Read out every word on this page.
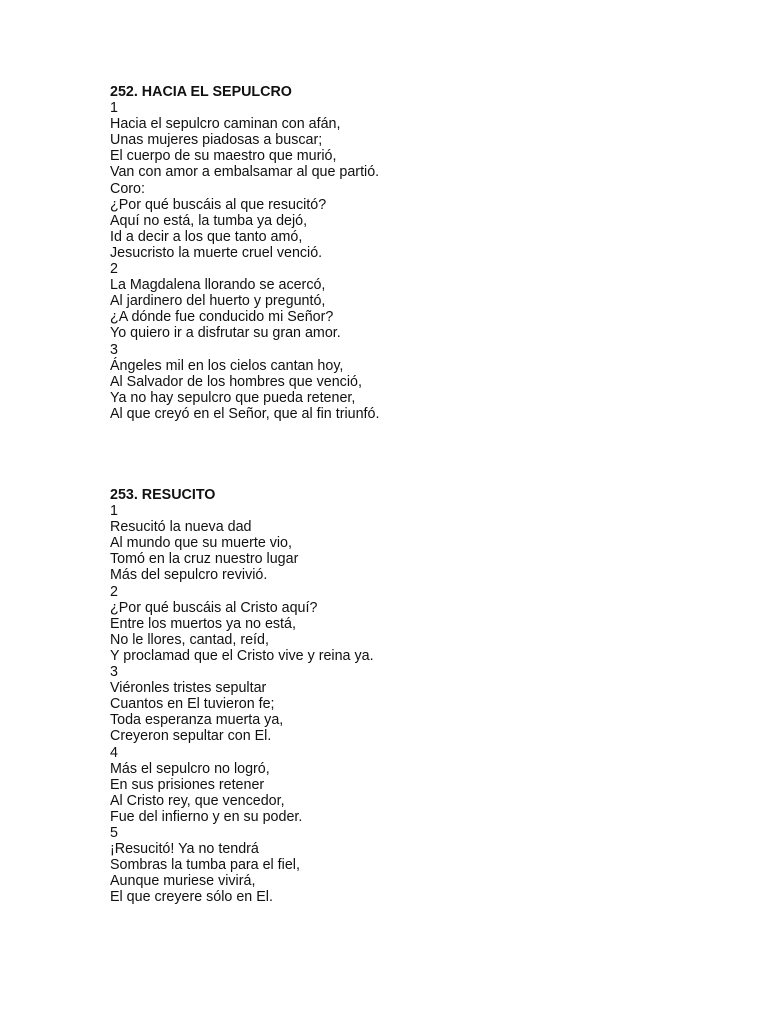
252. HACIA EL SEPULCRO
1
Hacia el sepulcro caminan con afán,
Unas mujeres piadosas a buscar;
El cuerpo de su maestro que murió,
Van con amor a embalsamar al que partió.
Coro:
¿Por qué buscáis al que resucitó?
Aquí no está, la tumba ya dejó,
Id a decir a los que tanto amó,
Jesucristo la muerte cruel venció.
2
La Magdalena llorando se acercó,
Al jardinero del huerto y preguntó,
¿A dónde fue conducido mi Señor?
Yo quiero ir a disfrutar su gran amor.
3
Ángeles mil en los cielos cantan hoy,
Al Salvador de los hombres que venció,
Ya no hay sepulcro que pueda retener,
Al que creyó en el Señor, que al fin triunfó.
253. RESUCITO
1
Resucitó la nueva dad
Al mundo que su muerte vio,
Tomó en la cruz nuestro lugar
Más del sepulcro revivió.
2
¿Por qué buscáis al Cristo aquí?
Entre los muertos ya no está,
No le llores, cantad, reíd,
Y proclamad que el Cristo vive y reina ya.
3
Viéronles tristes sepultar
Cuantos en El tuvieron fe;
Toda esperanza muerta ya,
Creyeron sepultar con El.
4
Más el sepulcro no logró,
En sus prisiones retener
Al Cristo rey, que vencedor,
Fue del infierno y en su poder.
5
¡Resucitó! Ya no tendrá
Sombras la tumba para el fiel,
Aunque muriese vivirá,
El que creyere sólo en El.
